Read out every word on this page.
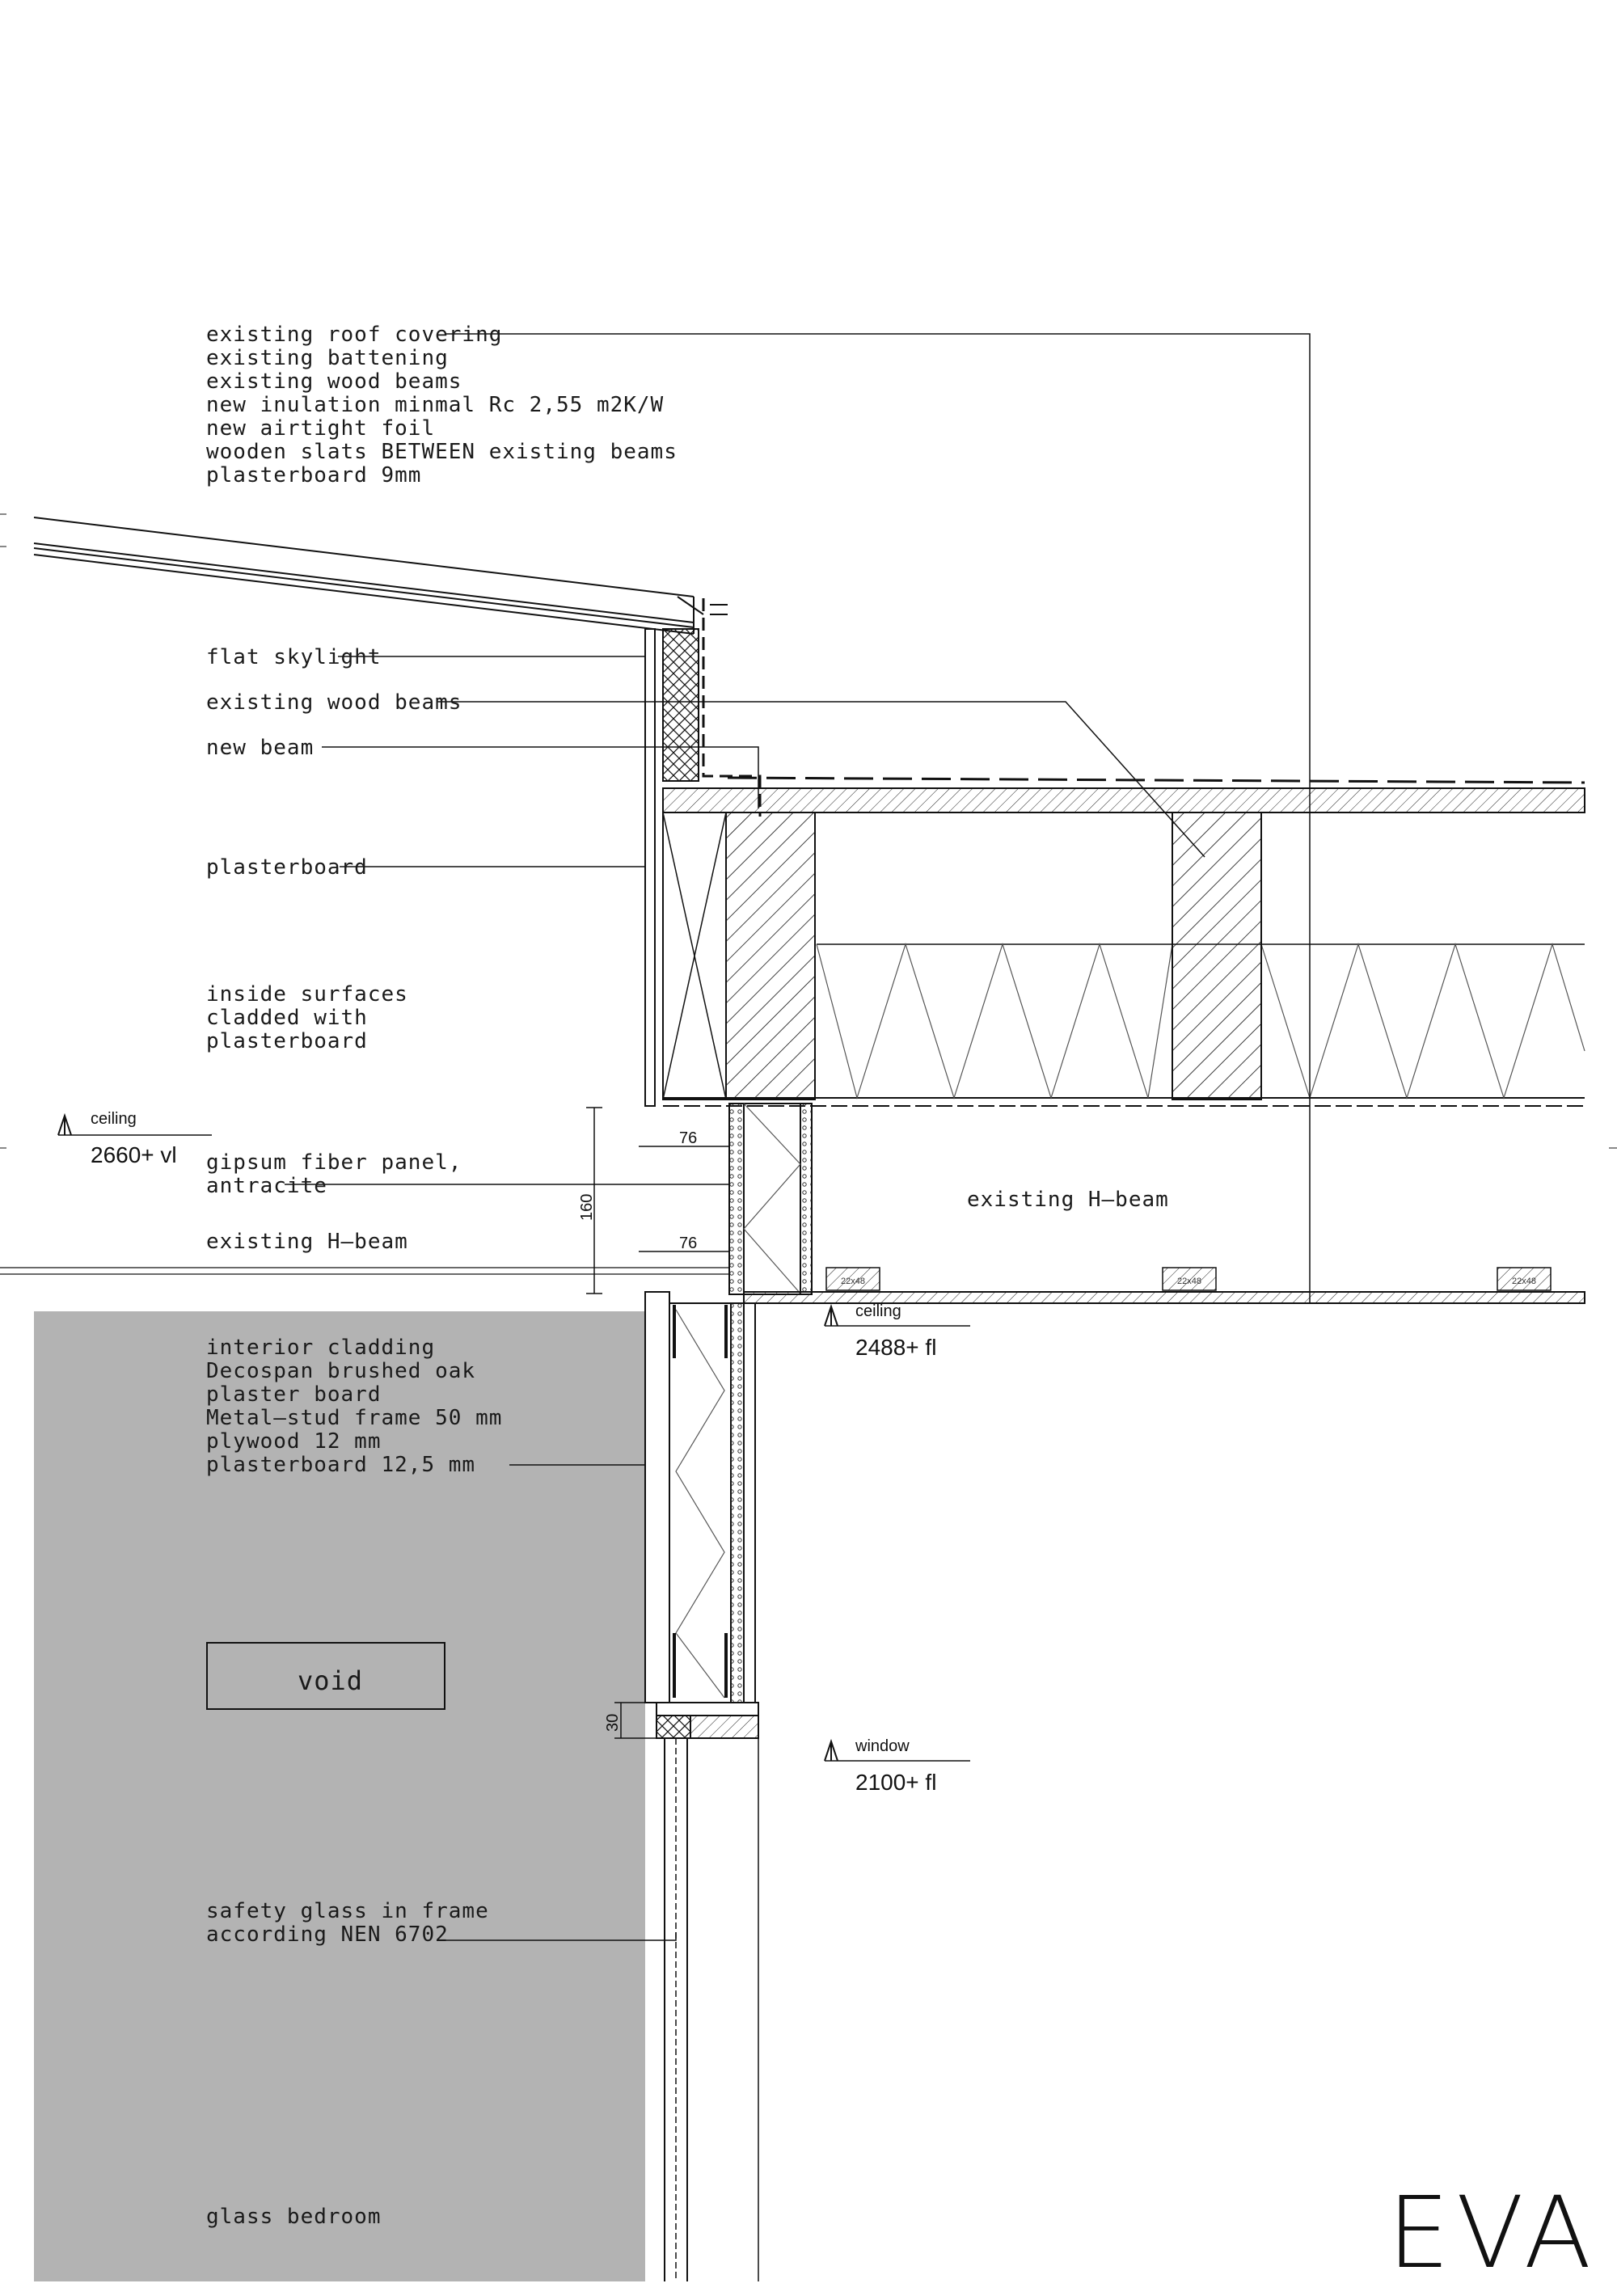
22x48	22x48	22x48
76
76
160
30
ceiling
2660+ vl
ceiling
2488+ fl
window
2100+ fl
existing roof covering
existing battening
existing wood beams
new inulation minmal Rc 2,55 m2K/W
new airtight foil
wooden slats BETWEEN existing beams
plasterboard 9mm
flat skylight
existing wood beams
new beam
plasterboard
inside surfaces
cladded with
plasterboard
gipsum fiber panel,
antracite
existing H—beam
existing H—beam
interior cladding
Decospan brushed oak
plaster board
Metal—stud frame 50 mm
plywood 12 mm
plasterboard 12,5 mm
void
safety glass in frame
according NEN 6702
glass bedroom	EVA
